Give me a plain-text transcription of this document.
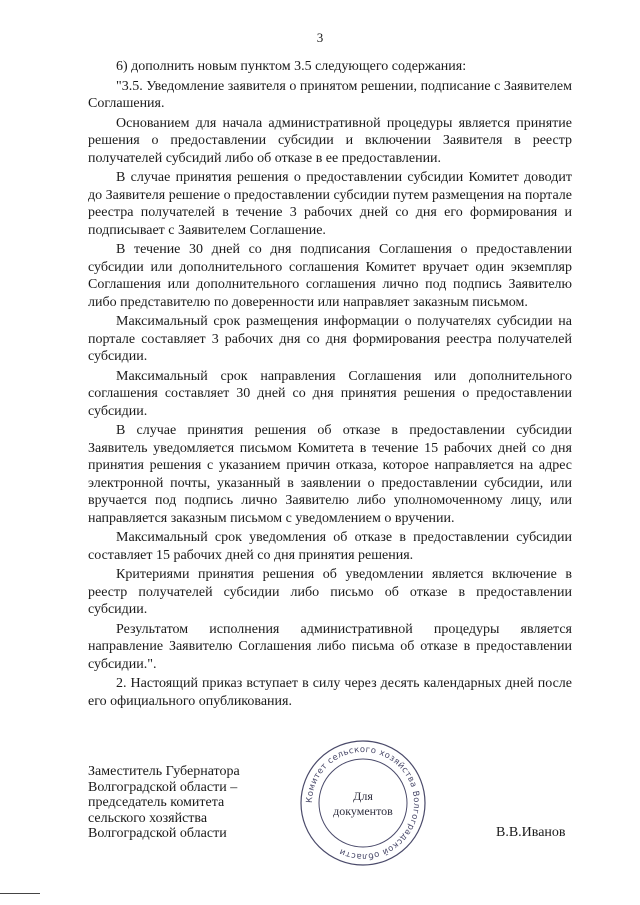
3

6) дополнить новым пунктом 3.5 следующего содержания:

"3.5. Уведомление заявителя о принятом решении, подписание с Заявителем Соглашения.

Основанием для начала административной процедуры является принятие решения о предоставлении субсидии и включении Заявителя в реестр получателей субсидий либо об отказе в ее предоставлении.

В случае принятия решения о предоставлении субсидии Комитет доводит до Заявителя решение о предоставлении субсидии путем размещения на портале реестра получателей в течение 3 рабочих дней со дня его формирования и подписывает с Заявителем Соглашение.

В течение 30 дней со дня подписания Соглашения о предоставлении субсидии или дополнительного соглашения Комитет вручает один экземпляр Соглашения или дополнительного соглашения лично под подпись Заявителю либо представителю по доверенности или направляет заказным письмом.

Максимальный срок размещения информации о получателях субсидии на портале составляет 3 рабочих дня со дня формирования реестра получателей субсидии.

Максимальный срок направления Соглашения или дополнительного соглашения составляет 30 дней со дня принятия решения о предоставлении субсидии.

В случае принятия решения об отказе в предоставлении субсидии Заявитель уведомляется письмом Комитета в течение 15 рабочих дней со дня принятия решения с указанием причин отказа, которое направляется на адрес электронной почты, указанный в заявлении о предоставлении субсидии, или вручается под подпись лично Заявителю либо уполномоченному лицу, или направляется заказным письмом с уведомлением о вручении.

Максимальный срок уведомления об отказе в предоставлении субсидии составляет 15 рабочих дней со дня принятия решения.

Критериями принятия решения об уведомлении является включение в реестр получателей субсидии либо письмо об отказе в предоставлении субсидии.

Результатом исполнения административной процедуры является направление Заявителю Соглашения либо письма об отказе в предоставлении субсидии.".

2. Настоящий приказ вступает в силу через десять календарных дней после его официального опубликования.

Заместитель Губернатора
Волгоградской области –
председатель комитета
сельского хозяйства
Волгоградской области
Комитет сельского хозяйства Волгоградской области
Для
документов
В.В.Иванов
